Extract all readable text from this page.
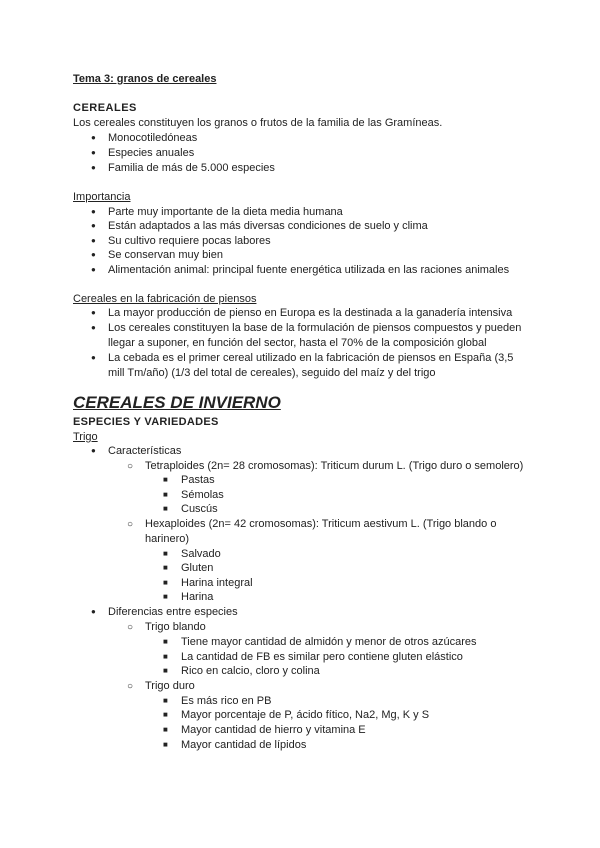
Tema 3: granos de cereales
CEREALES
Los cereales constituyen los granos o frutos de la familia de las Gramíneas.
●
Monocotiledóneas
●
Especies anuales
●
Familia de más de 5.000 especies
Importancia
●
Parte muy importante de la dieta media humana
●
Están adaptados a las más diversas condiciones de suelo y clima
●
Su cultivo requiere pocas labores
●
Se conservan muy bien
●
Alimentación animal: principal fuente energética utilizada en las raciones animales
Cereales en la fabricación de piensos
●
La mayor producción de pienso en Europa es la destinada a la ganadería intensiva
●
Los cereales constituyen la base de la formulación de piensos compuestos y pueden
llegar a suponer, en función del sector, hasta el 70% de la composición global
●
La cebada es el primer cereal utilizado en la fabricación de piensos en España (3,5
mill Tm/año) (1/3 del total de cereales), seguido del maíz y del trigo
CEREALES DE INVIERNO
ESPECIES Y VARIEDADES
Trigo
●
Características
○
Tetraploides (2n= 28 cromosomas): Triticum durum L. (Trigo duro o semolero)
■
Pastas
■
Sémolas
■
Cuscús
○
Hexaploides (2n= 42 cromosomas): Triticum aestivum L. (Trigo blando o
harinero)
■
Salvado
■
Gluten
■
Harina integral
■
Harina
●
Diferencias entre especies
○
Trigo blando
■
Tiene mayor cantidad de almidón y menor de otros azúcares
■
La cantidad de FB es similar pero contiene gluten elástico
■
Rico en calcio, cloro y colina
○
Trigo duro
■
Es más rico en PB
■
Mayor porcentaje de P, ácido fítico, Na2, Mg, K y S
■
Mayor cantidad de hierro y vitamina E
■
Mayor cantidad de lípidos
